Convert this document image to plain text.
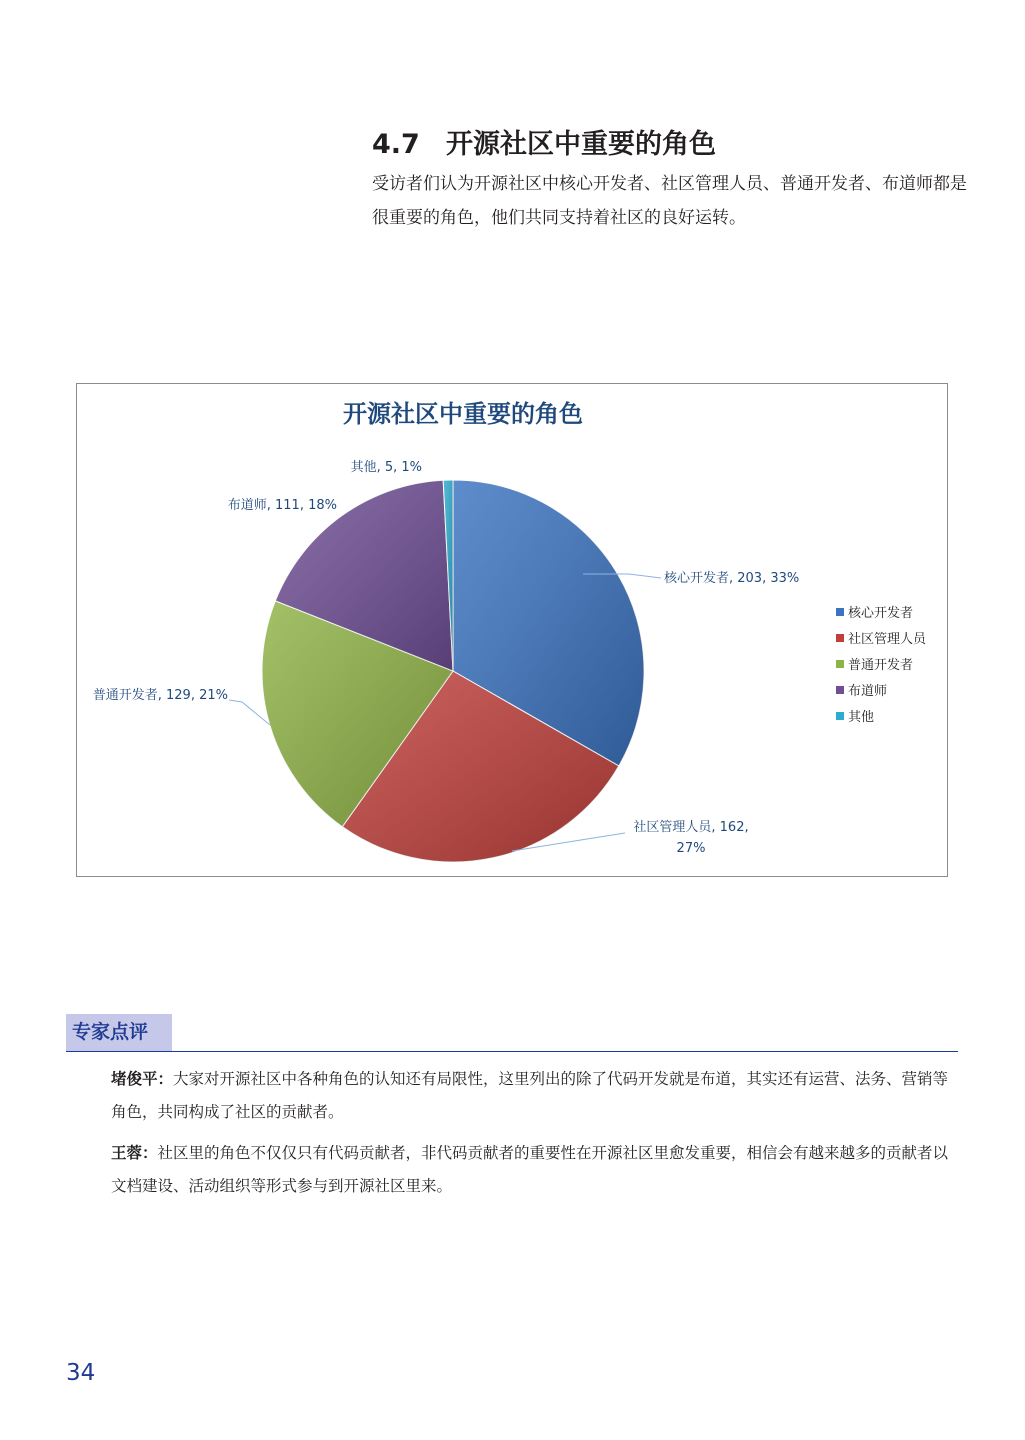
4.7 开源社区中重要的角色

受访者们认为开源社区中核心开发者、社区管理人员、普通开发者、布道师都是很重要的角色，他们共同支持着社区的良好运转。

开源社区中重要的角色
核心开发者, 203, 33%
社区管理人员, 162,
27%
普通开发者, 129, 21%
布道师, 111, 18%
其他, 5, 1%
核心开发者
社区管理人员
普通开发者
布道师
其他
专家点评

堵俊平：大家对开源社区中各种角色的认知还有局限性，这里列出的除了代码开发就是布道，其实还有运营、法务、营销等角色，共同构成了社区的贡献者。

王蓉：社区里的角色不仅仅只有代码贡献者，非代码贡献者的重要性在开源社区里愈发重要，相信会有越来越多的贡献者以文档建设、活动组织等形式参与到开源社区里来。

34
